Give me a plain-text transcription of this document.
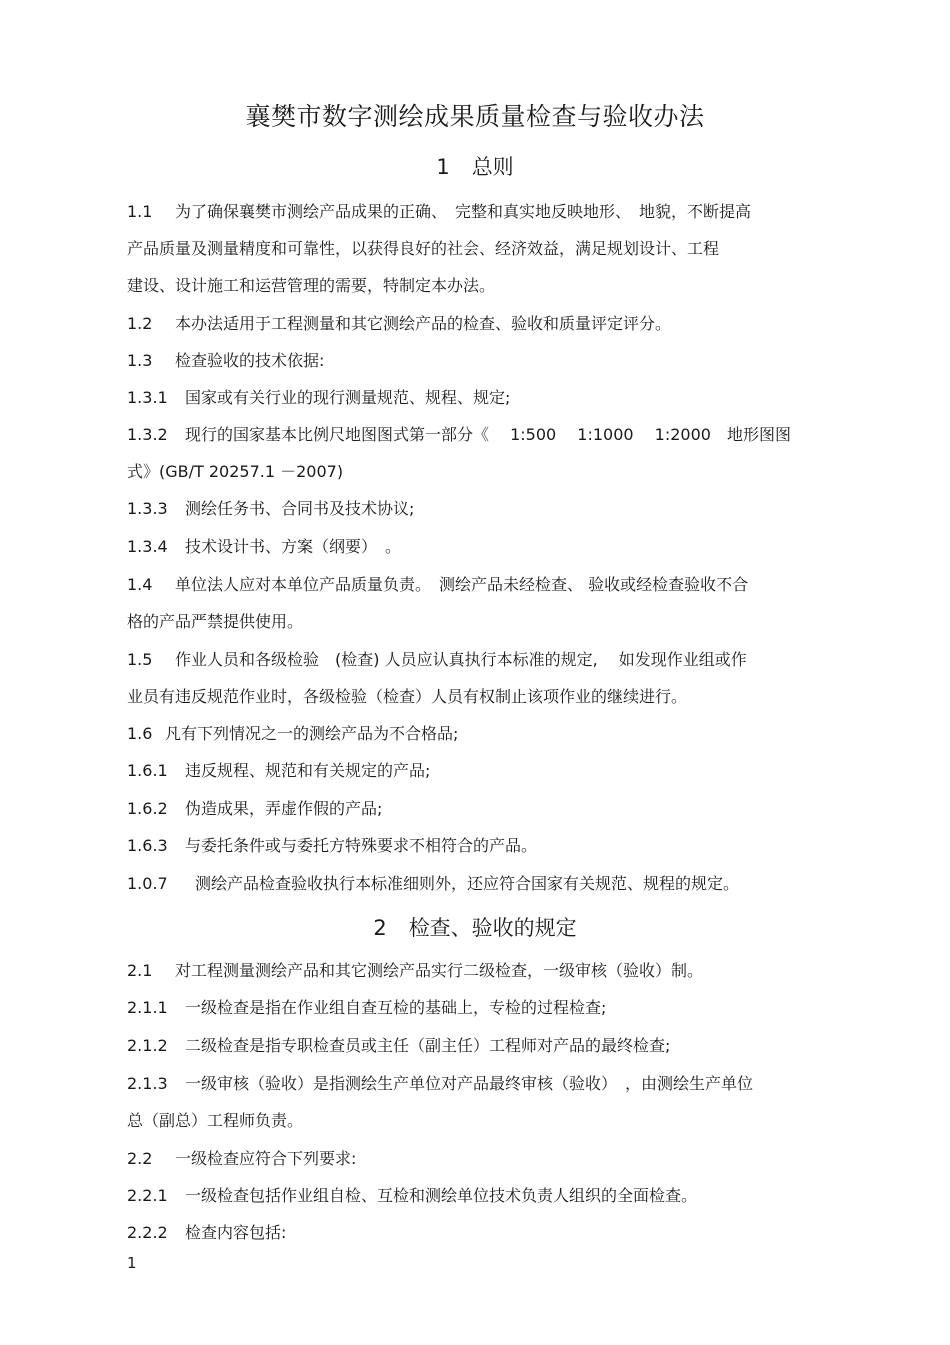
襄樊市数字测绘成果质量检查与验收办法
1 总则
1.1 为了确保襄樊市测绘产品成果的正确、　完整和真实地反映地形、　地貌，不断提高
产品质量及测量精度和可靠性，以获得良好的社会、经济效益，满足规划设计、工程
建设、设计施工和运营管理的需要，特制定本办法。
1.2 本办法适用于工程测量和其它测绘产品的检查、验收和质量评定评分。
1.3 检查验收的技术依据:
1.3.1 国家或有关行业的现行测量规范、规程、规定;
1.3.2 现行的国家基本比例尺地图图式第一部分《　 1:500　 1:1000　 1:2000　地形图图
式》(GB∕T 20257.1 －2007)
1.3.3 测绘任务书、合同书及技术协议;
1.3.4 技术设计书、方案（纲要）　。
1.4 单位法人应对本单位产品质量负责。　测绘产品未经检查、 验收或经检查验收不合
格的产品严禁提供使用。
1.5 作业人员和各级检验　(检查) 人员应认真执行本标准的规定,　 如发现作业组或作
业员有违反规范作业时，各级检验（检查）人员有权制止该项作业的继续进行。
1.6 凡有下列情况之一的测绘产品为不合格品;
1.6.1 违反规程、规范和有关规定的产品;
1.6.2 伪造成果，弄虚作假的产品;
1.6.3 与委托条件或与委托方特殊要求不相符合的产品。
1.0.7 测绘产品检查验收执行本标准细则外，还应符合国家有关规范、规程的规定。
2 检查、验收的规定
2.1 对工程测量测绘产品和其它测绘产品实行二级检查，一级审核（验收）制。
2.1.1 一级检查是指在作业组自查互检的基础上，专检的过程检查;
2.1.2 二级检查是指专职检查员或主任（副主任）工程师对产品的最终检查;
2.1.3 一级审核（验收）是指测绘生产单位对产品最终审核（验收）　，由测绘生产单位
总（副总）工程师负责。
2.2 一级检查应符合下列要求:
2.2.1 一级检查包括作业组自检、互检和测绘单位技术负责人组织的全面检查。
2.2.2 检查内容包括:
1
